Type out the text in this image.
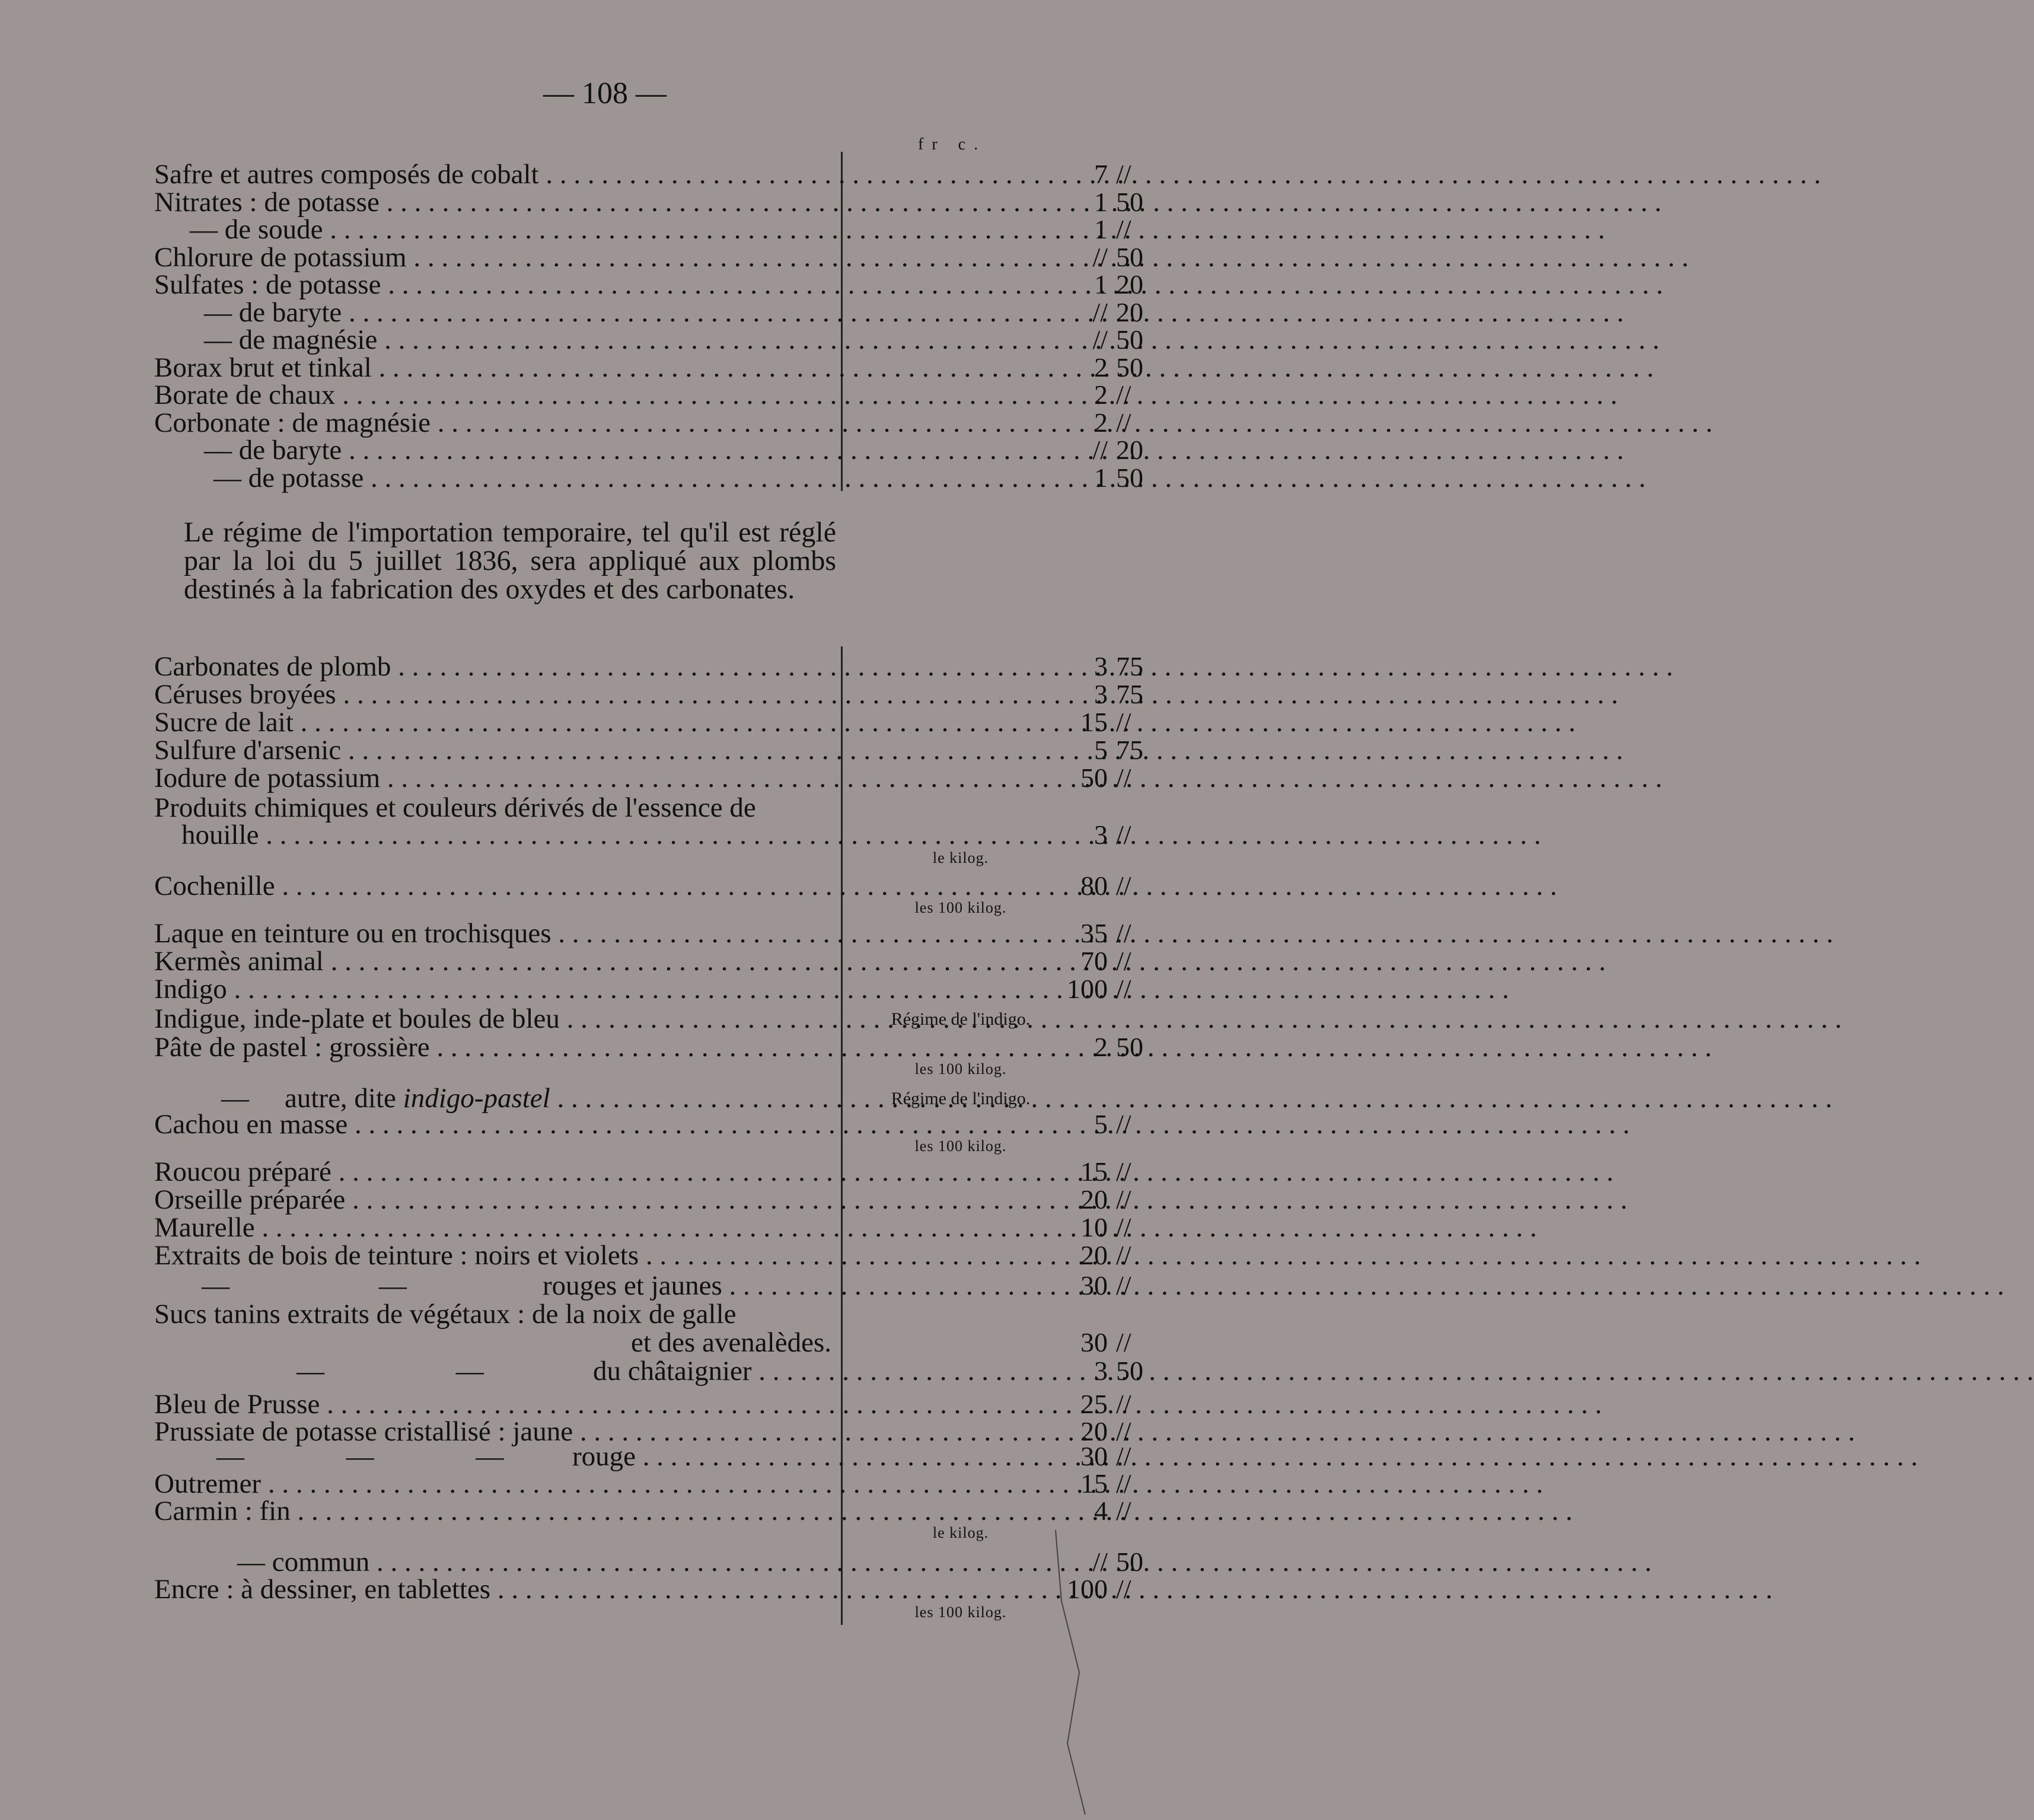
— 108 —
fr c.
Safre et autres composés de cobalt . . .	7 //
Nitrates : de potasse . . .	1 50
— de soude . . .	1 //
Chlorure de potassium . . .	// 50
Sulfates : de potasse . . .	1 20
— de baryte . . .	// 20
— de magnésie . . .	// 50
Borax brut et tinkal . . .	2 50
Borate de chaux . . .	2 //
Corbonate : de magnésie . . .	2 //
— de baryte . . .	// 20
— de potasse . . .	1 50
Le régime de l'importation temporaire, tel qu'il est réglé par la loi du 5 juillet 1836, sera appliqué aux plombs destinés à la fabrication des oxydes et des carbonates.
Carbonates de plomb . . .	3 75
Céruses broyées . . .	3 75
Sucre de lait . . .	15 //
Sulfure d'arsenic . . .	5 75
Iodure de potassium . . .	50 //
Produits chimiques et couleurs dérivés de l'essence de
houille . . .	3 //
le kilog.
Cochenille . . .	80 //
les 100 kilog.
Laque en teinture ou en trochisques . . .	35 //
Kermès animal . . .	70 //
Indigo . . .	100 //
Indigue, inde-plate et boules de bleu . . .	Régime de l'indigo.
Pâte de pastel : grossière . . .	2 50
les 100 kilog.
— autre, dite indigo-pastel . . .	Régime de l'indigo.
Cachou en masse . . .	5 //
les 100 kilog.
Roucou préparé . . .	15 //
Orseille préparée . . .	20 //
Maurelle . . .	10 //
Extraits de bois de teinture : noirs et violets . . .	20 //
— —	rouges et jaunes . . .	30 //
Sucs tanins extraits de végétaux : de la noix de galle
et des avenalèdes.	30 //
— —	du châtaignier . . .	3 50
Bleu de Prusse . . .	25 //
Prussiate de potasse cristallisé : jaune . . .	20 //
— — — rouge . . .	30 //
Outremer . . .	15 //
Carmin : fin . . .	4 //
le kilog.
— commun . . .	// 50
Encre : à dessiner, en tablettes . . .	100 //
les 100 kilog.
